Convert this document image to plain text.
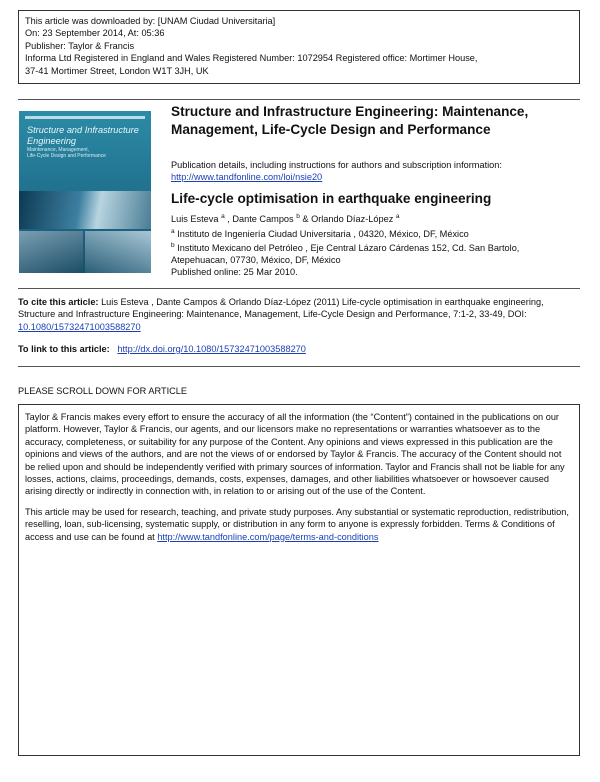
This article was downloaded by: [UNAM Ciudad Universitaria]
On: 23 September 2014, At: 05:36
Publisher: Taylor & Francis
Informa Ltd Registered in England and Wales Registered Number: 1072954 Registered office: Mortimer House,
37-41 Mortimer Street, London W1T 3JH, UK
Structure and Infrastructure Engineering
Maintenance, Management,
Life-Cycle Design and Performance
Structure and Infrastructure Engineering: Maintenance, Management, Life-Cycle Design and Performance
Publication details, including instructions for authors and subscription information:
http://www.tandfonline.com/loi/nsie20
Life-cycle optimisation in earthquake engineering
Luis Esteva $^a$ , Dante Campos $^b$ & Orlando Díaz-López $^a$
$^a$ Instituto de Ingeniería Ciudad Universitaria , 04320, México, DF, México
$^b$ Instituto Mexicano del Petróleo , Eje Central Lázaro Cárdenas 152, Cd. San Bartolo,
Atepehuacan, 07730, México, DF, México
Published online: 25 Mar 2010.
To cite this article: Luis Esteva , Dante Campos & Orlando Díaz-López (2011) Life-cycle optimisation in earthquake engineering, Structure and Infrastructure Engineering: Maintenance, Management, Life-Cycle Design and Performance, 7:1-2, 33-49, DOI: 10.1080/15732471003588270
To link to this article: http://dx.doi.org/10.1080/15732471003588270
PLEASE SCROLL DOWN FOR ARTICLE

Taylor & Francis makes every effort to ensure the accuracy of all the information (the “Content”) contained in the publications on our platform. However, Taylor & Francis, our agents, and our licensors make no representations or warranties whatsoever as to the accuracy, completeness, or suitability for any purpose of the Content. Any opinions and views expressed in this publication are the opinions and views of the authors, and are not the views of or endorsed by Taylor & Francis. The accuracy of the Content should not be relied upon and should be independently verified with primary sources of information. Taylor and Francis shall not be liable for any losses, actions, claims, proceedings, demands, costs, expenses, damages, and other liabilities whatsoever or howsoever caused arising directly or indirectly in connection with, in relation to or arising out of the use of the Content.

This article may be used for research, teaching, and private study purposes. Any substantial or systematic reproduction, redistribution, reselling, loan, sub-licensing, systematic supply, or distribution in any form to anyone is expressly forbidden. Terms & Conditions of access and use can be found at http://www.tandfonline.com/page/terms-and-conditions
